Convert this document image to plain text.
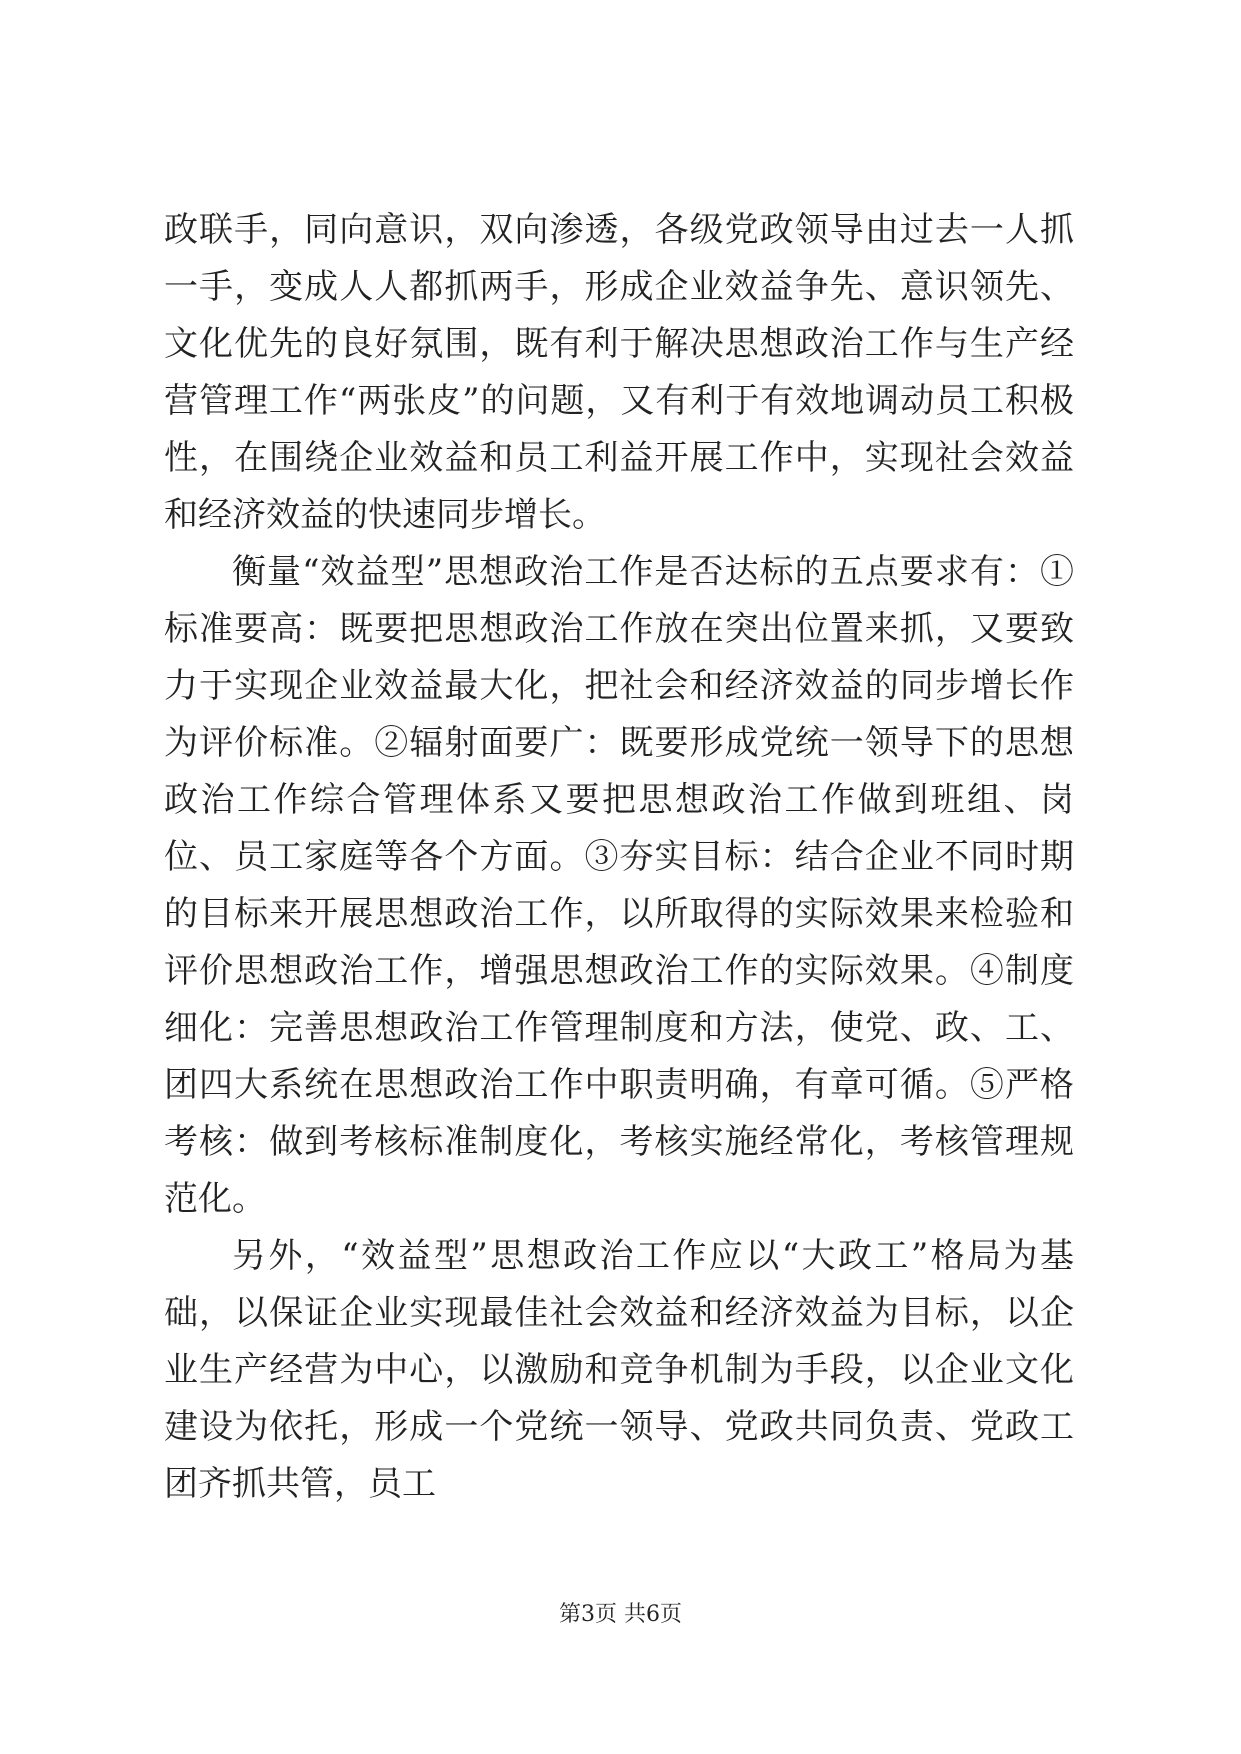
政联手，同向意识，双向渗透，各级党政领导由过去一人抓一手，变成人人都抓两手，形成企业效益争先、意识领先、文化优先的良好氛围，既有利于解决思想政治工作与生产经营管理工作“两张皮”的问题，又有利于有效地调动员工积极性，在围绕企业效益和员工利益开展工作中，实现社会效益和经济效益的快速同步增长。

衡量“效益型”思想政治工作是否达标的五点要求有：①标准要高：既要把思想政治工作放在突出位置来抓，又要致力于实现企业效益最大化，把社会和经济效益的同步增长作为评价标准。②辐射面要广：既要形成党统一领导下的思想政治工作综合管理体系又要把思想政治工作做到班组、岗位、员工家庭等各个方面。③夯实目标：结合企业不同时期的目标来开展思想政治工作，以所取得的实际效果来检验和评价思想政治工作，增强思想政治工作的实际效果。④制度细化：完善思想政治工作管理制度和方法，使党、政、工、团四大系统在思想政治工作中职责明确，有章可循。⑤严格考核：做到考核标准制度化，考核实施经常化，考核管理规范化。

另外，“效益型”思想政治工作应以“大政工”格局为基础，以保证企业实现最佳社会效益和经济效益为目标，以企业生产经营为中心，以激励和竞争机制为手段，以企业文化建设为依托，形成一个党统一领导、党政共同负责、党政工团齐抓共管，员工

第3页 共6页
